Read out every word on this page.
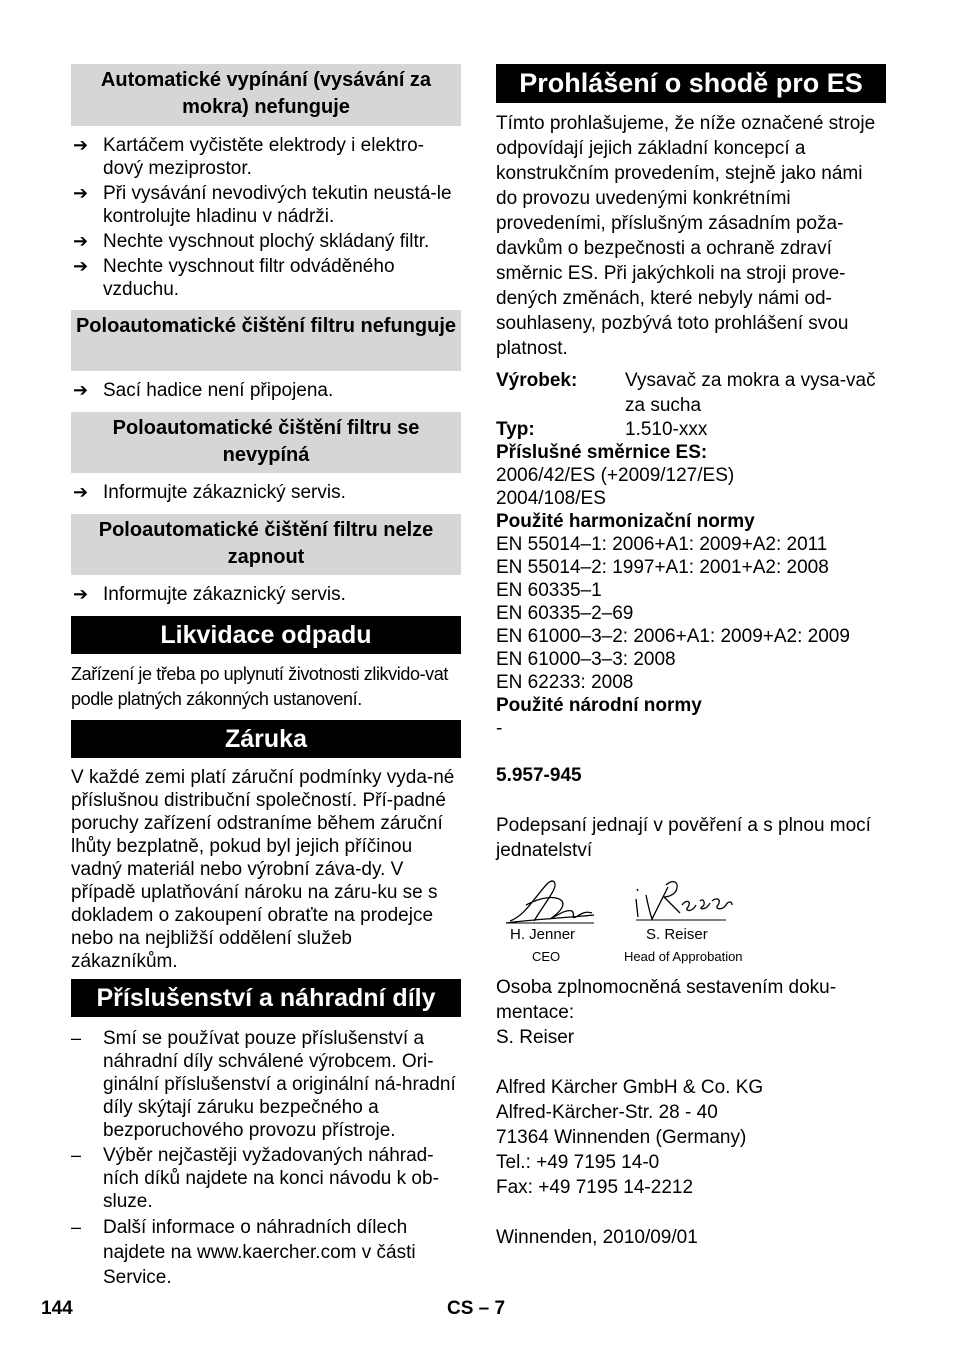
Automatické vypínání (vysávání za mokra) nefunguje
➔ Kartáčem vyčistěte elektrody i elektro-dový meziprostor.
➔ Při vysávání nevodivých tekutin neustá-le kontrolujte hladinu v nádrži.
➔ Nechte vyschnout plochý skládaný filtr.
➔ Nechte vyschnout filtr odváděného vzduchu.
Poloautomatické čištění filtru nefunguje
➔ Sací hadice není připojena.
Poloautomatické čištění filtru se nevypíná
➔ Informujte zákaznický servis.
Poloautomatické čištění filtru nelze zapnout
➔ Informujte zákaznický servis.
Likvidace odpadu
Zařízení je třeba po uplynutí životnosti zlikvido-vat podle platných zákonných ustanovení.
Záruka
V každé zemi platí záruční podmínky vyda-né příslušnou distribuční společností. Pří-padné poruchy zařízení odstraníme během záruční lhůty bezplatně, pokud byl jejich příčinou vadný materiál nebo výrobní záva-dy. V případě uplatňování nároku na záru-ku se s dokladem o zakoupení obraťte na prodejce nebo na nejbližší oddělení služeb zákazníkům.
Příslušenství a náhradní díly
– Smí se používat pouze příslušenství a náhradní díly schválené výrobcem. Ori-ginální příslušenství a originální ná-hradní díly skýtají záruku bezpečného a bezporuchového provozu přístroje.
– Výběr nejčastěji vyžadovaných náhrad-ních díků najdete na konci návodu k ob-sluze.
– Další informace o náhradních dílech najdete na www.kaercher.com v části Service.
Prohlášení o shodě pro ES
Tímto prohlašujeme, že níže označené stroje odpovídají jejich základní koncepcí a konstrukčním provedením, stejně jako námi do provozu uvedenými konkrétními provedeními, příslušným zásadním poža-davkům o bezpečnosti a ochraně zdraví směrnic ES. Při jakýchkoli na stroji prove-dených změnách, které nebyly námi od-souhlaseny, pozbývá toto prohlášení svou platnost.
Výrobek:	Vysavač za mokra a vysa-vač za sucha
Typ:	1.510-xxx
Příslušné směrnice ES:
2006/42/ES (+2009/127/ES)
2004/108/ES
Použité harmonizační normy
EN 55014–1: 2006+A1: 2009+A2: 2011
EN 55014–2: 1997+A1: 2001+A2: 2008
EN 60335–1
EN 60335–2–69
EN 61000–3–2: 2006+A1: 2009+A2: 2009
EN 61000–3–3: 2008
EN 62233: 2008
Použité národní normy
-
5.957-945
Podepsaní jednají v pověření a s plnou mocí jednatelství
H. Jenner
CEO
S. Reiser
Head of Approbation
Osoba zplnomocněná sestavením doku-mentace:
S. Reiser
Alfred Kärcher GmbH & Co. KG
Alfred-Kärcher-Str. 28 - 40
71364 Winnenden (Germany)
Tel.: +49 7195 14-0
Fax: +49 7195 14-2212
Winnenden, 2010/09/01
144	CS – 7
